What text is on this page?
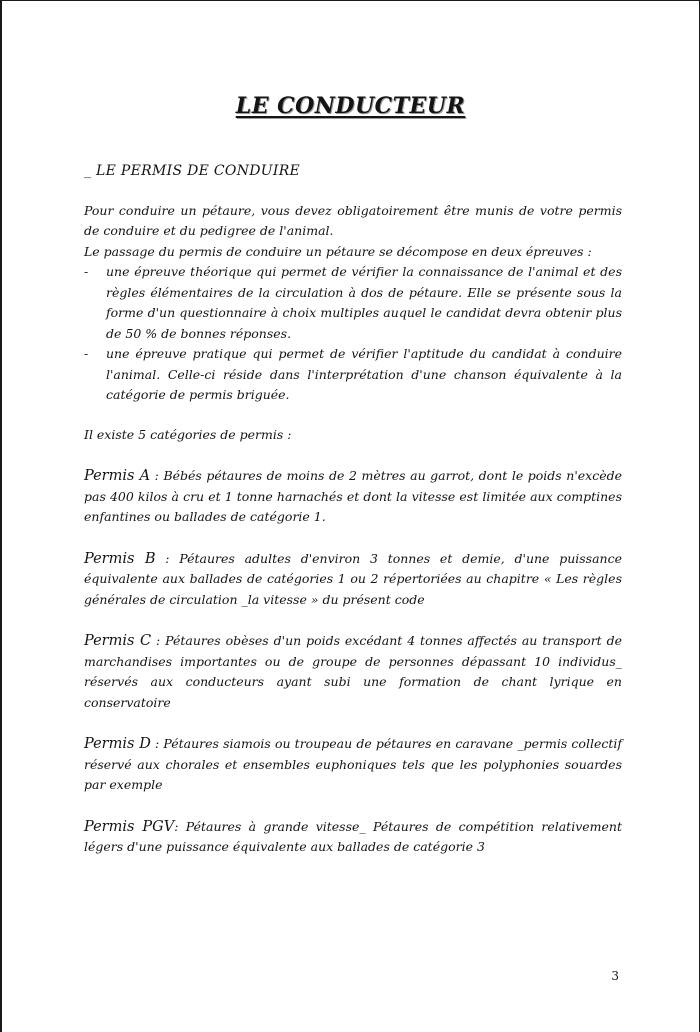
LE CONDUCTEUR
_ LE PERMIS DE CONDUIRE

Pour conduire un pétaure, vous devez obligatoirement être munis de votre permis de conduire et du pedigree de l'animal.

Le passage du permis de conduire un pétaure se décompose en deux épreuves :

- une épreuve théorique qui permet de vérifier la connaissance de l'animal et des règles élémentaires de la circulation à dos de pétaure. Elle se présente sous la forme d'un questionnaire à choix multiples auquel le candidat devra obtenir plus de 50 % de bonnes réponses.
- une épreuve pratique qui permet de vérifier l'aptitude du candidat à conduire l'animal. Celle-ci réside dans l'interprétation d'une chanson équivalente à la catégorie de permis briguée.

Il existe 5 catégories de permis :

Permis A : Bébés pétaures de moins de 2 mètres au garrot, dont le poids n'excède pas 400 kilos à cru et 1 tonne harnachés et dont la vitesse est limitée aux comptines enfantines ou ballades de catégorie 1.

Permis B : Pétaures adultes d'environ 3 tonnes et demie, d'une puissance équivalente aux ballades de catégories 1 ou 2 répertoriées au chapitre « Les règles générales de circulation _la vitesse » du présent code

Permis C : Pétaures obèses d'un poids excédant 4 tonnes affectés au transport de marchandises importantes ou de groupe de personnes dépassant 10 individus_ réservés aux conducteurs ayant subi une formation de chant lyrique en conservatoire

Permis D : Pétaures siamois ou troupeau de pétaures en caravane _permis collectif réservé aux chorales et ensembles euphoniques tels que les polyphonies souardes par exemple

Permis PGV: Pétaures à grande vitesse_ Pétaures de compétition relativement légers d'une puissance équivalente aux ballades de catégorie 3

3
